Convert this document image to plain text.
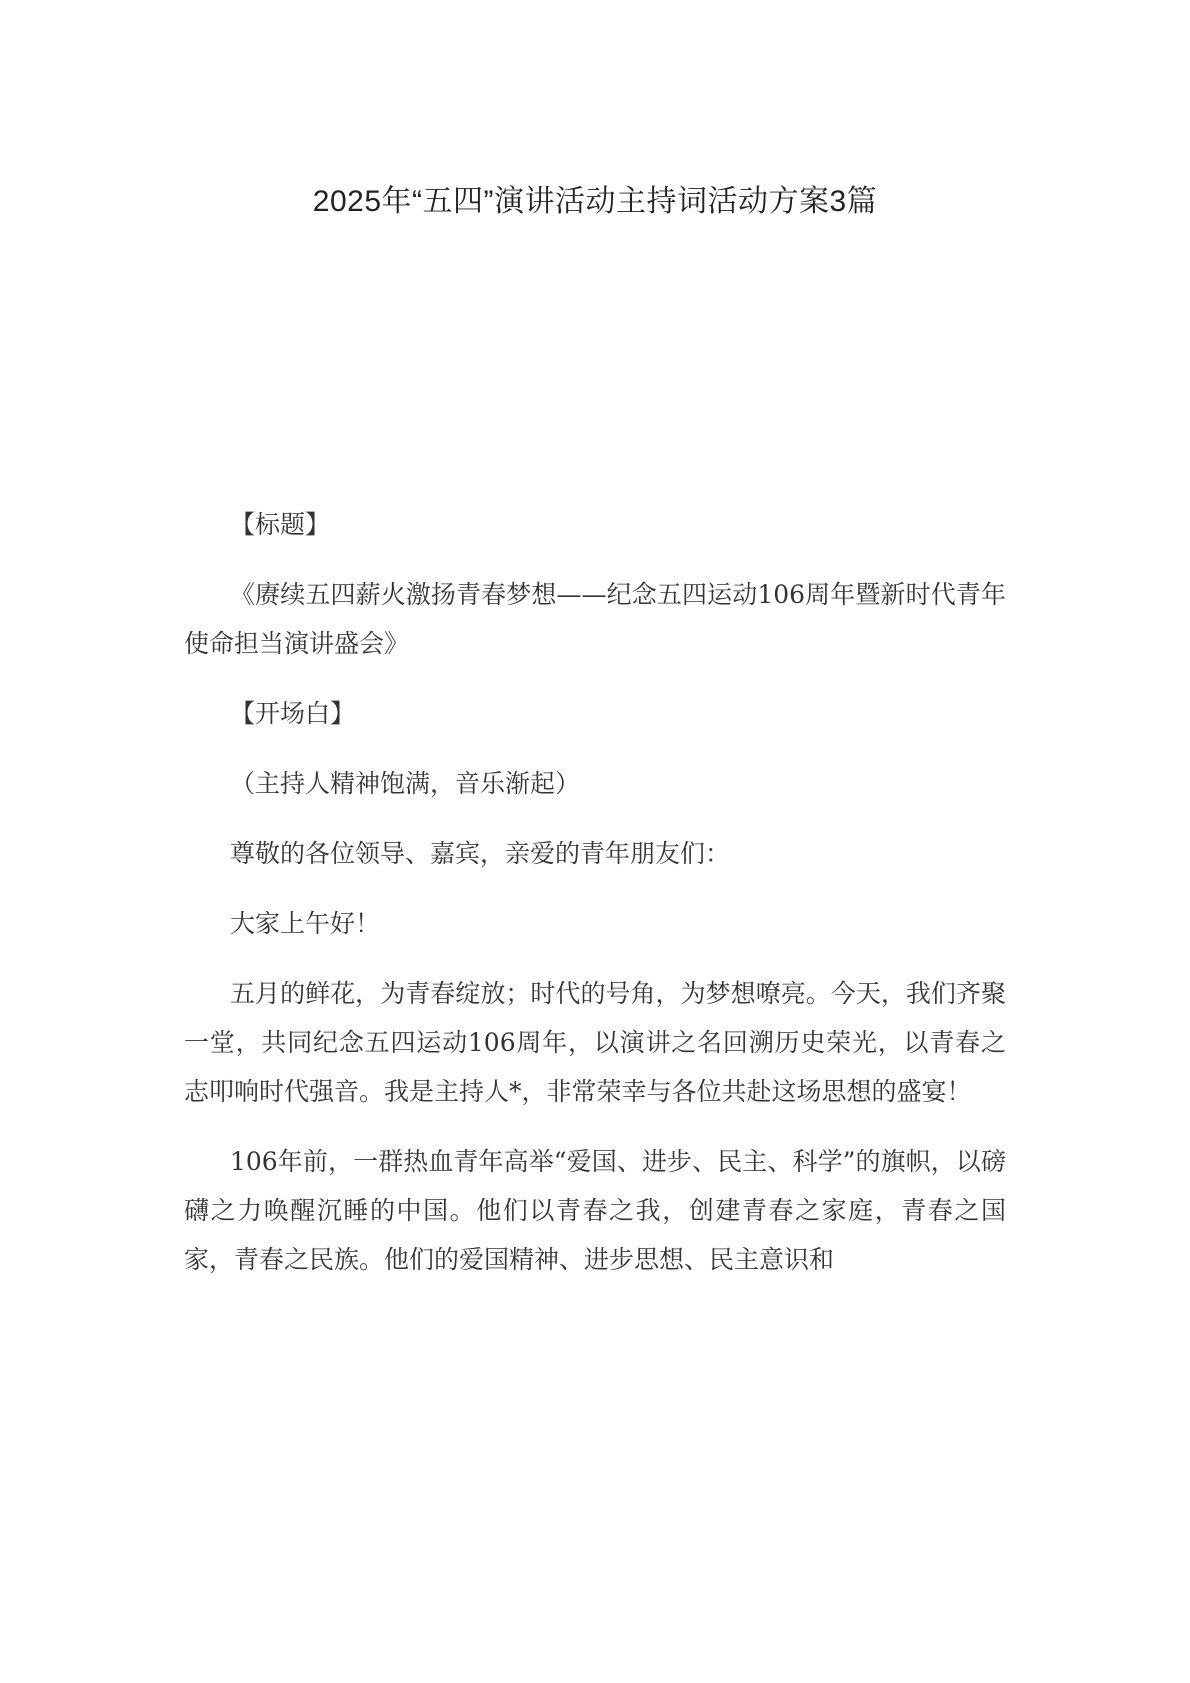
2025年“五四”演讲活动主持词活动方案3篇

【标题】

《赓续五四薪火激扬青春梦想——纪念五四运动106周年暨新时代青年使命担当演讲盛会》

【开场白】

（主持人精神饱满，音乐渐起）

尊敬的各位领导、嘉宾，亲爱的青年朋友们：

大家上午好！

五月的鲜花，为青春绽放；时代的号角，为梦想嘹亮。今天，我们齐聚一堂，共同纪念五四运动106周年，以演讲之名回溯历史荣光，以青春之志叩响时代强音。我是主持人*，非常荣幸与各位共赴这场思想的盛宴！

106年前，一群热血青年高举“爱国、进步、民主、科学”的旗帜，以磅礴之力唤醒沉睡的中国。他们以青春之我，创建青春之家庭，青春之国家，青春之民族。他们的爱国精神、进步思想、民主意识和
